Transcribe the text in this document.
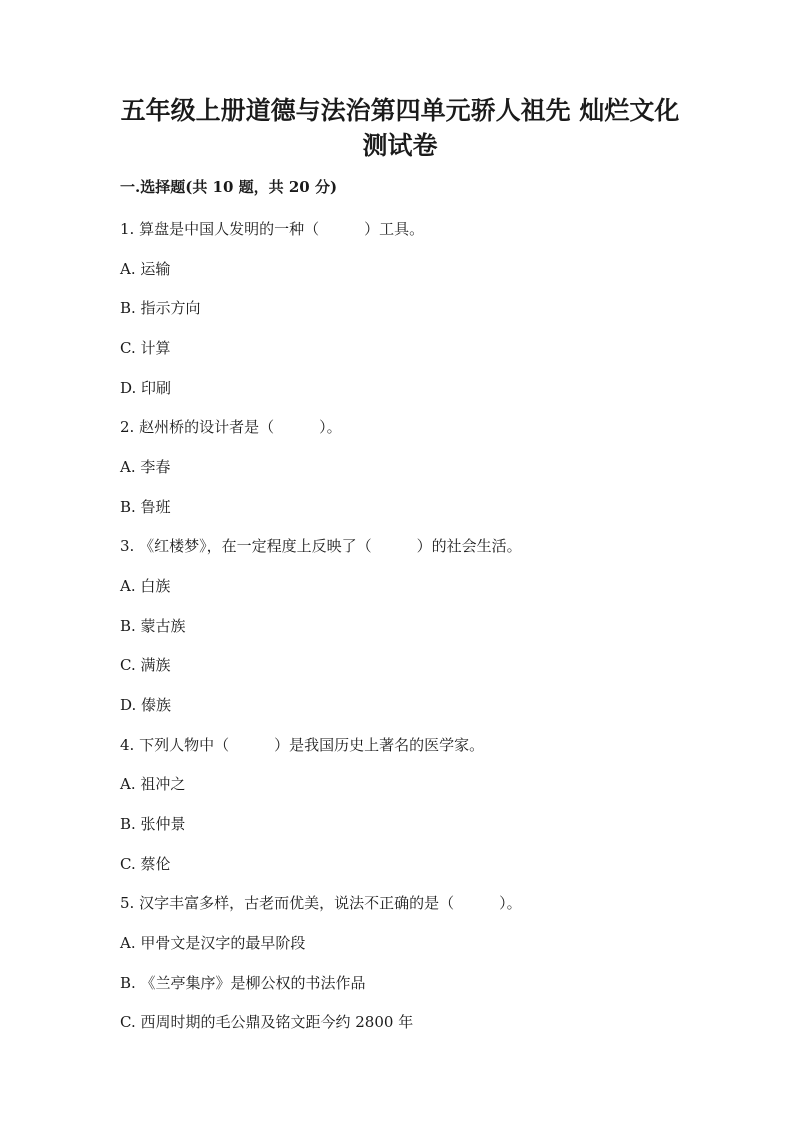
五年级上册道德与法治第四单元骄人祖先 灿烂文化
测试卷
一.选择题(共 10 题，共 20 分)
1. 算盘是中国人发明的一种（　　　）工具。
A. 运输
B. 指示方向
C. 计算
D. 印刷
2. 赵州桥的设计者是（　　　）。
A. 李春
B. 鲁班
3. 《红楼梦》，在一定程度上反映了（　　　）的社会生活。
A. 白族
B. 蒙古族
C. 满族
D. 傣族
4. 下列人物中（　　　）是我国历史上著名的医学家。
A. 祖冲之
B. 张仲景
C. 蔡伦
5. 汉字丰富多样，古老而优美，说法不正确的是（　　　）。
A. 甲骨文是汉字的最早阶段
B. 《兰亭集序》是柳公权的书法作品
C. 西周时期的毛公鼎及铭文距今约 2800 年
